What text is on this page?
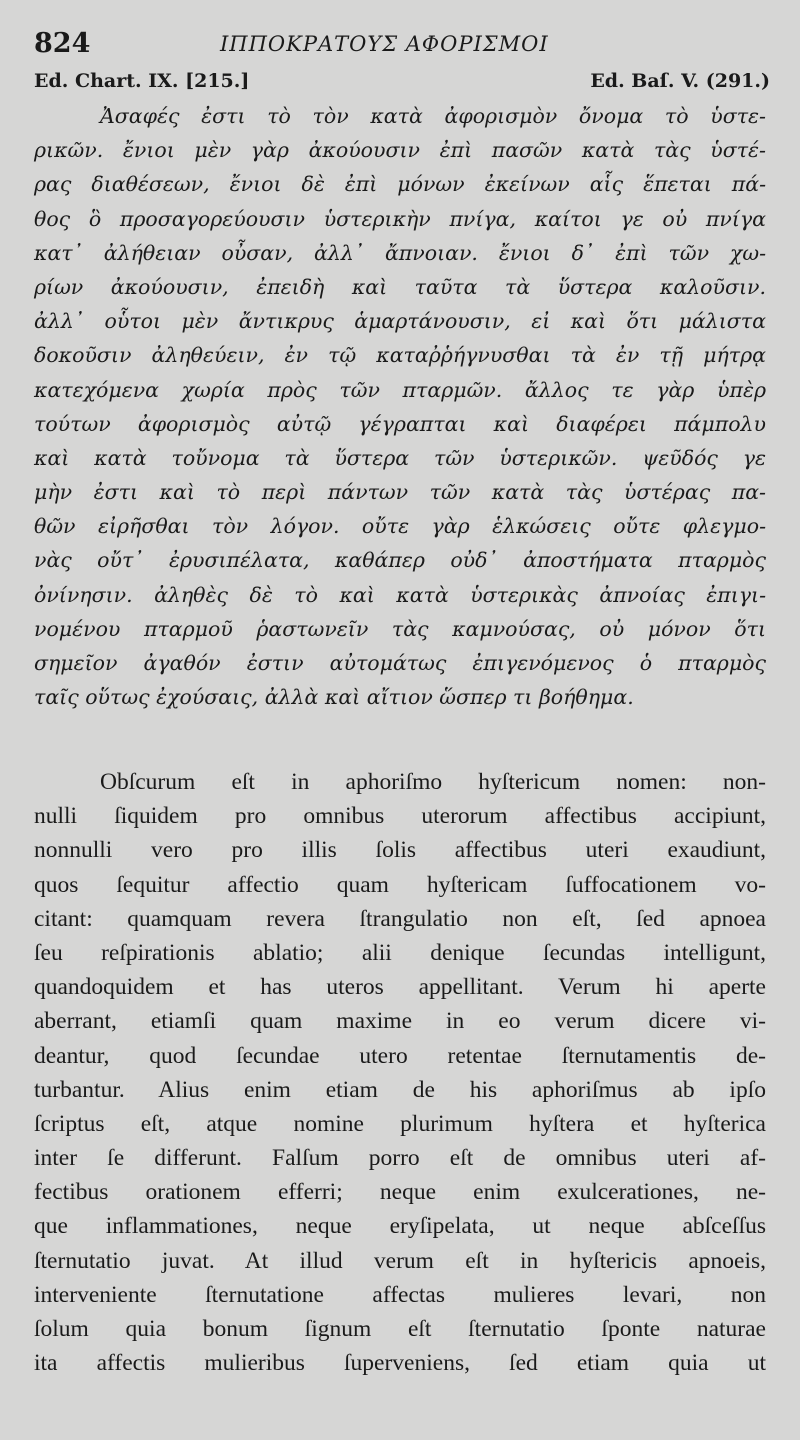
824	ΙΠΠΟΚΡΑΤΟΥΣ ΑΦΟΡΙΣΜΟΙ
Ed. Chart. IX. [215.]	Ed. Baſ. V. (291.)
Ἀσαφές ἐστι τὸ τὸν κατὰ ἀφορισμὸν ὄνομα τὸ ὑστε-
ρικῶν. ἔνιοι μὲν γὰρ ἀκούουσιν ἐπὶ πασῶν κατὰ τὰς ὑστέ-
ρας διαθέσεων, ἔνιοι δὲ ἐπὶ μόνων ἐκείνων αἷς ἕπεται πά-
θος ὃ προσαγορεύουσιν ὑστερικὴν πνίγα, καίτοι γε οὐ πνίγα
κατ᾽ ἀλήθειαν οὖσαν, ἀλλ᾽ ἄπνοιαν. ἔνιοι δ᾽ ἐπὶ τῶν χω-
ρίων ἀκούουσιν, ἐπειδὴ καὶ ταῦτα τὰ ὕστερα καλοῦσιν.
ἀλλ᾽ οὗτοι μὲν ἄντικρυς ἁμαρτάνουσιν, εἰ καὶ ὅτι μάλιστα
δοκοῦσιν ἀληθεύειν, ἐν τῷ καταῤῥήγνυσθαι τὰ ἐν τῇ μήτρᾳ
κατεχόμενα χωρία πρὸς τῶν πταρμῶν. ἄλλος τε γὰρ ὑπὲρ
τούτων ἀφορισμὸς αὐτῷ γέγραπται καὶ διαφέρει πάμπολυ
καὶ κατὰ τοὔνομα τὰ ὕστερα τῶν ὑστερικῶν. ψεῦδός γε
μὴν ἐστι καὶ τὸ περὶ πάντων τῶν κατὰ τὰς ὑστέρας πα-
θῶν εἰρῆσθαι τὸν λόγον. οὔτε γὰρ ἑλκώσεις οὔτε φλεγμο-
νὰς οὔτ᾽ ἐρυσιπέλατα, καθάπερ οὐδ᾽ ἀποστήματα πταρμὸς
ὀνίνησιν. ἀληθὲς δὲ τὸ καὶ κατὰ ὑστερικὰς ἀπνοίας ἐπιγι-
νομένου πταρμοῦ ῥαστωνεῖν τὰς καμνούσας, οὐ μόνον ὅτι
σημεῖον ἀγαθόν ἐστιν αὐτομάτως ἐπιγενόμενος ὁ πταρμὸς
ταῖς οὕτως ἐχούσαις, ἀλλὰ καὶ αἴτιον ὥσπερ τι βοήθημα.
Obſcurum eſt in aphoriſmo hyſtericum nomen: non-
nulli ſiquidem pro omnibus uterorum affectibus accipiunt,
nonnulli vero pro illis ſolis affectibus uteri exaudiunt,
quos ſequitur affectio quam hyſtericam ſuffocationem vo-
citant: quamquam revera ſtrangulatio non eſt, ſed apnoea
ſeu reſpirationis ablatio; alii denique ſecundas intelligunt,
quandoquidem et has uteros appellitant. Verum hi aperte
aberrant, etiamſi quam maxime in eo verum dicere vi-
deantur, quod ſecundae utero retentae ſternutamentis de-
turbantur. Alius enim etiam de his aphoriſmus ab ipſo
ſcriptus eſt, atque nomine plurimum hyſtera et hyſterica
inter ſe differunt. Falſum porro eſt de omnibus uteri af-
fectibus orationem efferri; neque enim exulcerationes, ne-
que inflammationes, neque eryſipelata, ut neque abſceſſus
ſternutatio juvat. At illud verum eſt in hyſtericis apnoeis,
interveniente ſternutatione affectas mulieres levari, non
ſolum quia bonum ſignum eſt ſternutatio ſponte naturae
ita affectis mulieribus ſuperveniens, ſed etiam quia ut
